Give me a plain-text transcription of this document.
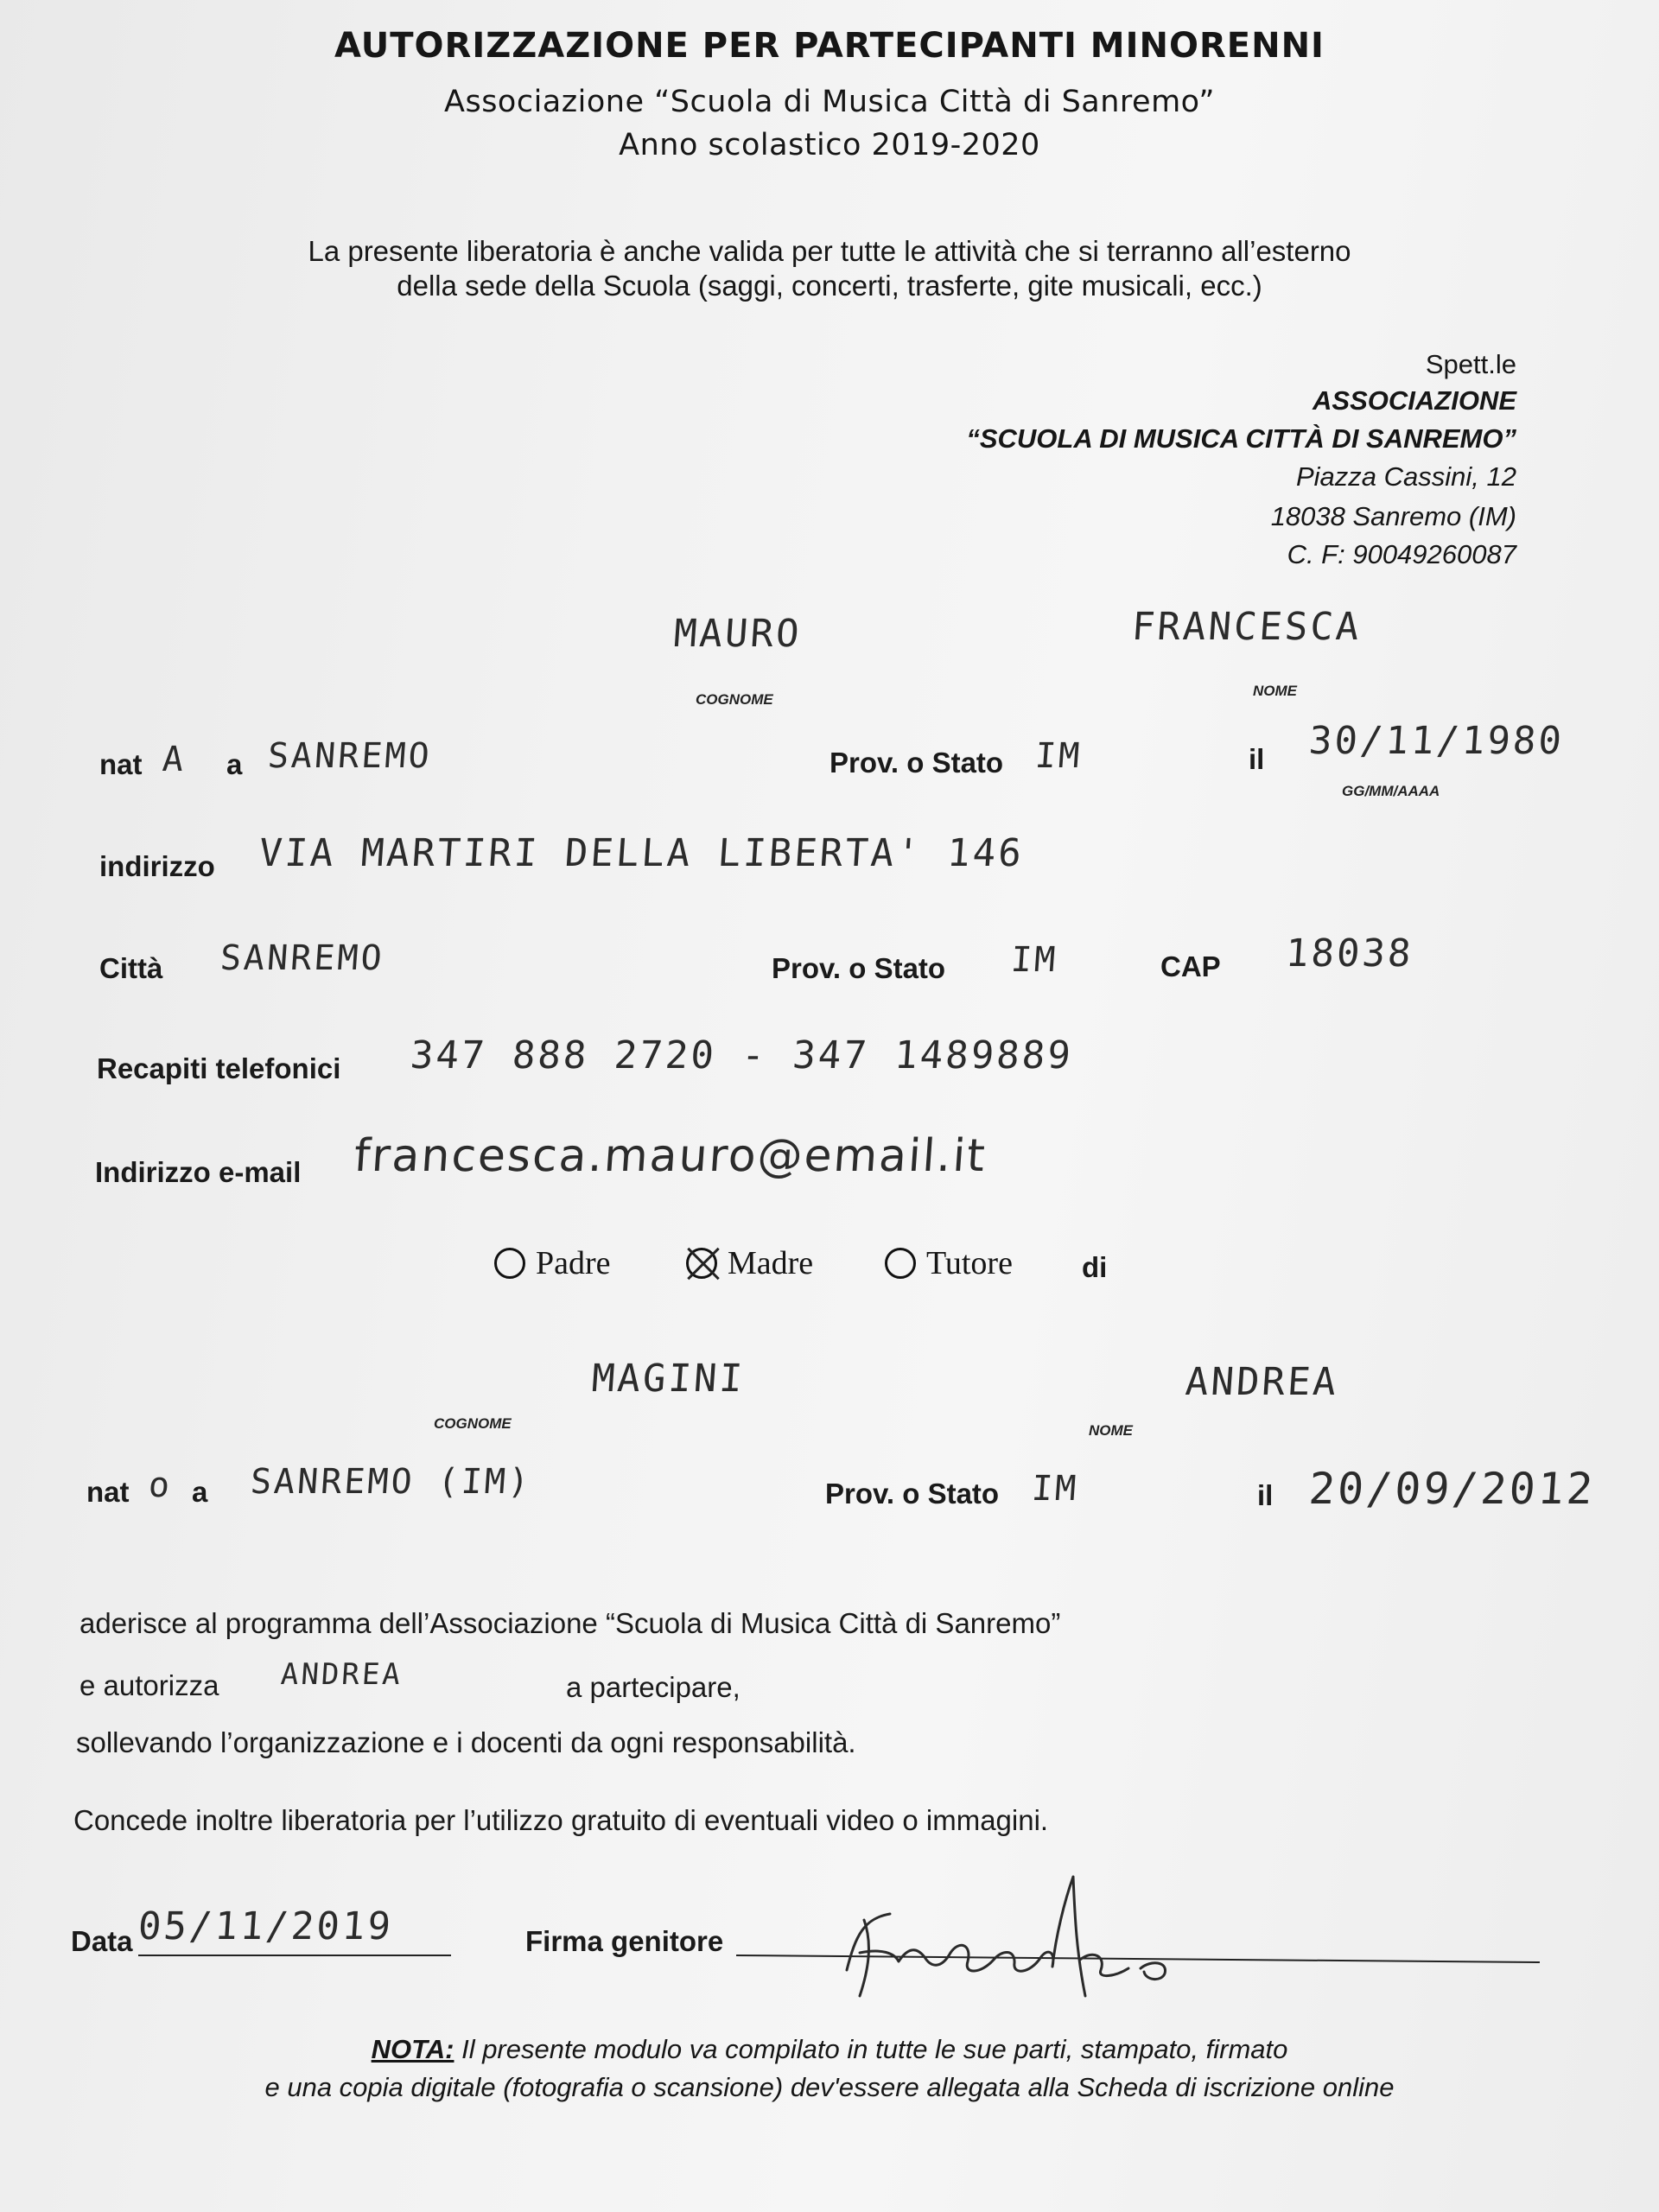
AUTORIZZAZIONE PER PARTECIPANTI MINORENNI
Associazione “Scuola di Musica Città di Sanremo”
Anno scolastico 2019-2020
La presente liberatoria è anche valida per tutte le attività che si terranno all’esterno
della sede della Scuola (saggi, concerti, trasferte, gite musicali, ecc.)
Spett.le
ASSOCIAZIONE
“SCUOLA DI MUSICA CITTÀ DI SANREMO”
Piazza Cassini, 12
18038 Sanremo (IM)
C. F: 90049260087
MAURO
COGNOME
FRANCESCA
NOME
nat A a SANREMO	Prov. o Stato IM	il 30/11/1980
GG/MM/AAAA
indirizzo VIA MARTIRI DELLA LIBERTA' 146
Città SANREMO	Prov. o Stato IM	CAP 18038
Recapiti telefonici 347 888 2720 - 347 1489889
Indirizzo e-mail francesca.mauro@email.it
Padre	Madre	Tutore di
MAGINI
COGNOME
ANDREA
NOME
nat o a SANREMO (IM)	Prov. o Stato IM	il 20/09/2012
aderisce al programma dell’Associazione “Scuola di Musica Città di Sanremo”
e autorizza ANDREA	a partecipare,
sollevando l’organizzazione e i docenti da ogni responsabilità.
Concede inoltre liberatoria per l’utilizzo gratuito di eventuali video o immagini.
Data 05/11/2019	Firma genitore
NOTA: Il presente modulo va compilato in tutte le sue parti, stampato, firmato
e una copia digitale (fotografia o scansione) dev'essere allegata alla Scheda di iscrizione online
